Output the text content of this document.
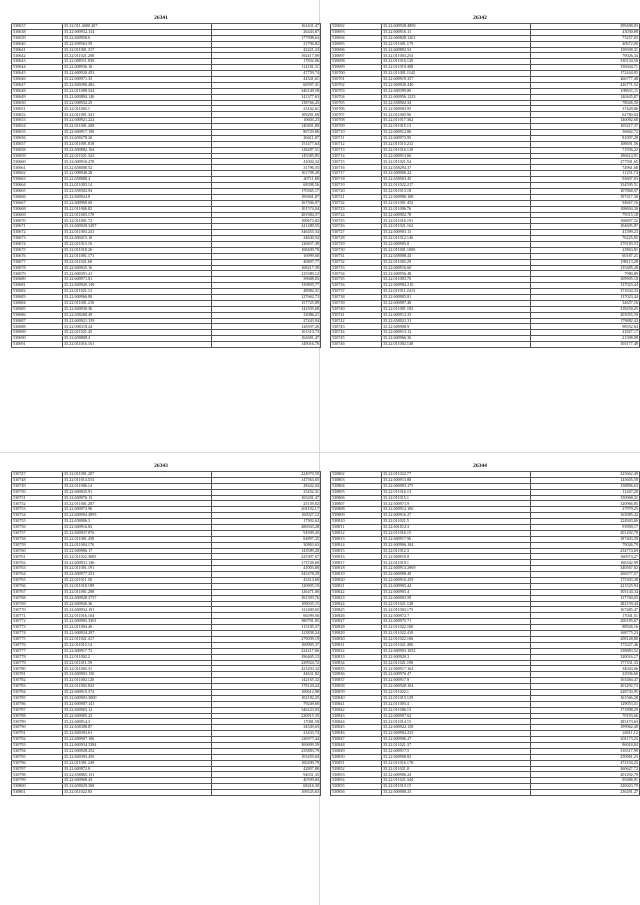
26341
530637	35.22.011.4000.207	162431,47
530638	35.22.600932.134	26443,07
530639	35.22.600958.6	177998,63
530640	35.22.658563.59	31796,82
530641	35.22.011001.317	42421,23
530642	35.22.011021.208	192417,09
530643	35.22.008311.830	17832,06
530644	35.22.008936.16	114181,31
530645	35.22.600920.453	47759,74
530646	35.22.600971.35	44341,61
530647	35.22.600396.482	60597,41
530648	35.22.011008.324	346149,58
530649	35.22.600894.146	141377,63
530650	35.22.008932.25	138766,43
530651	35.22.011003.1	23162,61
530652	35.22.011001.341	109281,69
530653	35.22.600921.222	10603,23
530654	35.22.011001.268	140491,89
530655	35.22.600917.190	86729,86
530656	35.22.658278.26	40411,87
530657	35.22.011001.818	151477,64
530658	35.22.600882.104	128287,51
530659	35.22.011021.322	145585,85
530660	35.22.600916.278	41004,32
530661	35.22.658008.52	31796,55
530662	35.22.008946.28	101798,29
530663	35.22.658088.4	40711,80
530664	35.22.011003.14	68398,56
530665	35.22.658302.94	170365,17
530666	35.22.600924.8	109461,07
530667	35.22.600969.60	167506,07
530668	35.22.011006.82	101574,04
530669	35.22.011003.170	281984,57
530670	35.22.011001.72	100673,82
530671	35.22.600928.3497	241289,55
530672	35.22.011003.241	346455,54
530673	35.22.600415.10	34630,54
530674	35.22.011013.16	126657,49
530675	35.22.011018.26	168409,78
530676	35.22.011001.171	16999,60
530677	35.22.011021.60	40807,77
530678	35.22.600925.16	168217,39
530679	35.22.600391.41	125389,12
530680	35.22.600971.81	39688,83
530681	35.22.600920.149	139895,77
530682	35.22.011021.12	48982,31
530683	35.22.600966.80	127662,73
530684	35.22.011001.210	157725,89
530685	35.22.600930.36	142595,68
530686	35.22.658268.49	32086,21
530687	35.22.600921.159	27443,94
530688	35.22.008318.24	126597,26
530689	35.22.011021.45	101310,73
530690	35.22.658800.2	162681,47
530691	35.22.011016.161	149016,76
26342
530692	35.22.600928.4809	399498,83
530693	35.22.600916.11	43030,08
530694	35.22.600828.1201	73257,03
530695	35.22.011001.179	40672,00
530696	35.22.600892.54	158508,31
530697	35.22.011003.254	79026,34
530698	35.22.011016.120	330134,50
530699	35.22.011019.408	156944,71
530700	35.22.011001.1142	172444,05
530701	35.22.600919.357	266777,48
530702	35.22.600920.440	426771,52
530703	35.22.600399.80	108631,11
530704	35.22.600956.1223	140445,87
530705	35.22.658902.34	78026,50
530706	35.22.600903.95	37429,06
530707	35.22.011003.96	62780,64
530708	35.22.011017.362	140092,68
530709	35.22.011015.13	105217,37
530710	35.22.600912.86	36602,72
530711	35.22.600973.95	81007,28
530712	35.22.011015.212	108691,56
530713	35.22.011016.129	71956,22
530714	35.22.600913.66	186614,91
530715	35.22.011021.54	277591,65
530716	35.22.658294.37	74961,68
530717	35.22.600906.22	11251,74
530718	35.22.658563.45	93607,03
530719	35.22.011022.217	334595,51
530720	35.22.011013.18	107868,97
530721	35.22.600906.168	197417,30
530722	35.22.011001.452	94667,16
530723	35.22.011006.76	108694,30
530724	35.22.600902.78	79515,18
530725	35.22.011016.191	106857,52
530726	35.22.011021.162	104695,87
530727	35.22.600903.13	41599,23
530728	35.22.011012.146	76225,95
530729	35.22.600905.8	279183,53
530730	35.22.011001.1000	23863,81
530731	35.22.658008.43	60187,21
530732	35.22.011005.29	198113,28
530733	35.22.600916.60	135485,28
530734	35.22.600956.48	7980,89
530735	35.22.011003.76	109905,10
530736	35.22.600982.210	137023,44
530737	35.22.011011.2413	371634,33
530738	35.22.600905.81	137023,44
530739	35.22.600907.40	34657,16
530740	35.22.011001.182	218250,25
530741	35.22.600912.35	203055,59
530742	35.22.658021.31	179882,43
530743	35.22.600908.9	98552,64
530744	35.22.600913.13	21827,17
530745	35.22.600966.36	21308,08
530746	35.22.011002.148	105177,49
26343
530747	35.22.011001.207	224970,59
530748	35.22.011014.533	147563,65
530749	35.22.011006.14	28442,04
530750	35.22.600925.91	23452,31
530751	35.22.600976.13	165201,47
530752	35.22.011001.207	25159,02
530753	35.22.600972.96	201192,17
530754	35.22.600904.4895	160927,12
530755	35.22.658006.3	17902,62
530756	35.22.600916.82	286943,28
530757	35.22.600937.876	94509,26
530758	35.22.011001.458	84897,25
530759	35.22.011004.176	30863,63
530760	35.22.600906.17	143589,20
530761	35.22.011022.3685	225397,67
530762	35.22.600931.146	173726,60
530763	35.22.011001.191	41003,00
530764	35.22.600977.251	345478,29
530765	35.22.011011.50	45414,60
530766	35.22.011018.189	120905,19
530767	35.22.011001.208	126471,00
530768	35.22.600928.3757	391393,76
530769	35.22.600926.36	109035,15
530770	35.22.600932.191	121400,65
530771	35.22.011016.104	66599,56
530772	35.22.600905.3301	380791,05
530773	35.22.011004.46	115185,37
530774	35.22.600934.297	123838,24
530775	35.22.011021.417	279039,19
530776	35.22.011012.14	169905,37
530777	35.22.600917.72	224217,06
530778	35.22.011002.2	196465,13
530779	35.22.011011.39	229924,72
530780	35.22.011003.31	423293,32
530781	35.22.600903.150	44631,82
530782	35.22.011002.120	142165,32
530783	35.22.011003.843	178120,24
530784	35.22.600915.574	100612,98
530785	35.22.600903.3000	102182,25
530786	35.22.600907.141	79249,60
530787	35.22.600903.12	346223,03
530788	35.22.600905.23	220915,35
530789	35.22.600914.3	17081,59
530790	35.22.658308.87	34549,63
530791	35.22.600303.61	23433,74
530792	35.22.600907.106	126977,44
530793	35.22.600934.3384	369699,59
530794	35.22.600928.252	235883,79
530795	35.22.600393.450	103459,04
530796	35.22.011001.249	100290,79
530797	35.22.600972.8	42807,80
530798	35.22.658065.131	94031,35
530799	35.22.600968.43	40599,84
530800	35.22.658029.368	68416,30
530801	35.22.011022.83	109525,63
26344
530802	35.22.011022.77	225662,49
530803	35.22.600913.80	143605,59
530804	35.22.600903.175	158896,63
530805	35.22.011016.13	11267,20
530806	35.22.011015.1	150968,31
530807	35.22.600971.9	320966,85
530808	35.22.600912.106	27979,25
530809	35.22.600916.27	163985,42
530810	35.22.011021.5	224943,60
530811	35.22.601012.3	93990,17
530812	35.22.011016.15	201292,70
530813	35.22.600917.96	187403,39
530814	35.22.600906.184	79026,79
530815	35.22.011012.3	234774,69
530816	35.22.600910.8	160974,27
530817	35.22.011019.1	166342,99
530818	35.22.600913.2969	340567,02
530819	35.22.600908.40	266577,57
530820	35.22.600916.259	175303,38
530821	35.22.600905.44	221525,94
530822	35.22.600905.4	305144,34
530823	35.22.600903.59	137760,03
530824	35.22.011021.128	282159,44
530825	35.22.011003.175	167485,47
530826	35.22.600972.7	17041,51
530827	35.22.600975.71	200185,67
530828	35.22.011022.160	88926,16
530829	35.22.011022.410	168775,23
530830	35.22.011022.166	208128,80
530831	35.22.011021.406	173327,46
530832	35.22.600903.1052	258883,52
530833	35.22.600920.3	320016,17
530834	35.22.011021.190	177331,33
530835	35.22.600917.162	34043,06
530836	35.22.600976.47	22936,66
530837	35.22.600917.8	163484,47
530838	35.22.600928.104	201292,73
530839	35.22.011022.1	228743,95
530840	35.22.011013.129	161566,28
530841	35.22.011003.4	129053,51
530842	35.22.011006.13	171898,29
530843	35.22.600907.62	70193,66
530844	35.22.011014.15	283173,63
530845	35.22.600922.158	199962,40
530846	35.22.600902.233	24011,12
530847	35.22.600906.27	201173,25
530848	35.22.011021.37	86018,04
530849	35.22.600917.5	316517,99
530850	35.22.600908.83	250961,23
530851	35.22.011016.178	472104,25
530852	35.22.011021.8	260627,72
530853	35.22.600906.24	201292,70
530854	35.22.011021.344	95486,91
530855	35.22.011013.15	230023,79
530856	35.22.600908.23	236291,27
